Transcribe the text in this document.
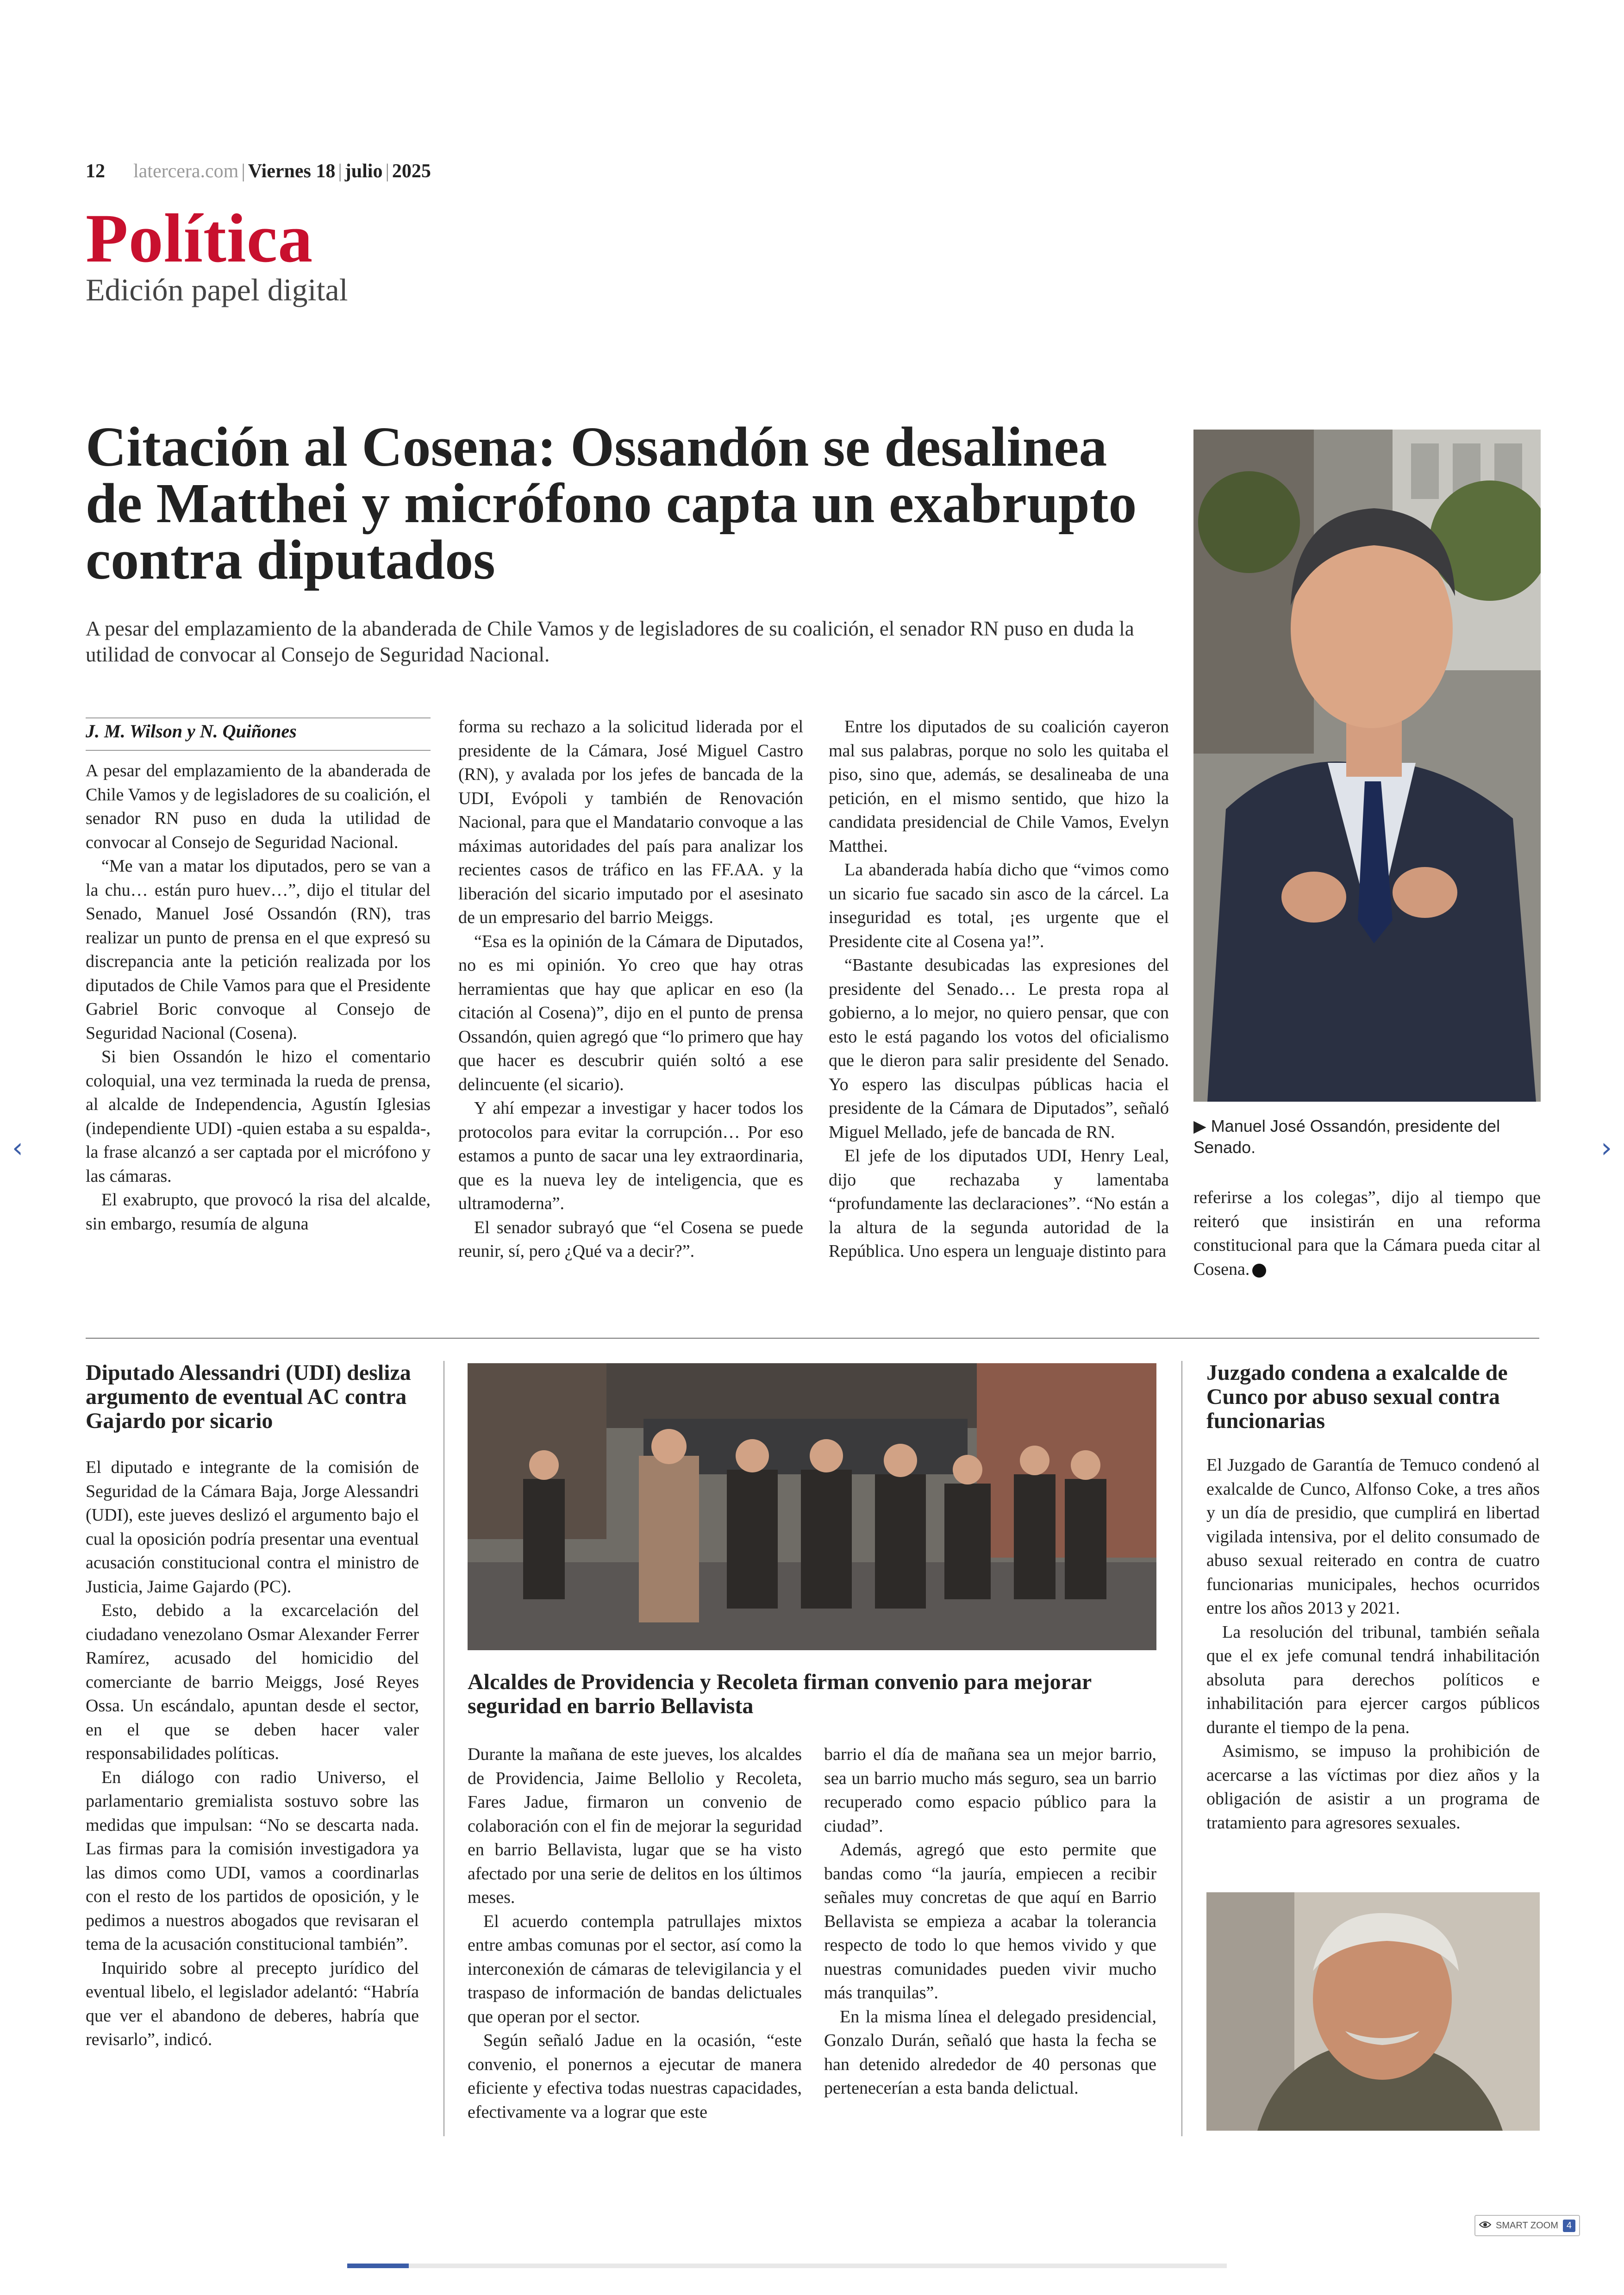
12 latercera.com | Viernes 18 | julio | 2025
Política
Edición papel digital
Citación al Cosena: Ossandón se desalinea de Matthei y micrófono capta un exabrupto contra diputados

A pesar del emplazamiento de la abanderada de Chile Vamos y de legisladores de su coalición, el senador RN puso en duda la utilidad de convocar al Consejo de Seguridad Nacional.

J. M. Wilson y N. Quiñones

A pesar del emplazamiento de la abanderada de Chile Vamos y de legisladores de su coalición, el senador RN puso en duda la utilidad de convocar al Consejo de Seguridad Nacional.

“Me van a matar los diputados, pero se van a la chu… están puro huev…”, dijo el titular del Senado, Manuel José Ossandón (RN), tras realizar un punto de prensa en el que expresó su discrepancia ante la petición realizada por los diputados de Chile Vamos para que el Presidente Gabriel Boric convoque al Consejo de Seguridad Nacional (Cosena).

Si bien Ossandón le hizo el comentario coloquial, una vez terminada la rueda de prensa, al alcalde de Independencia, Agustín Iglesias (independiente UDI) -quien estaba a su espalda-, la frase alcanzó a ser captada por el micrófono y las cámaras.

El exabrupto, que provocó la risa del alcalde, sin embargo, resumía de alguna

forma su rechazo a la solicitud liderada por el presidente de la Cámara, José Miguel Castro (RN), y avalada por los jefes de bancada de la UDI, Evópoli y también de Renovación Nacional, para que el Mandatario convoque a las máximas autoridades del país para analizar los recientes casos de tráfico en las FF.AA. y la liberación del sicario imputado por el asesinato de un empresario del barrio Meiggs.

“Esa es la opinión de la Cámara de Diputados, no es mi opinión. Yo creo que hay otras herramientas que hay que aplicar en eso (la citación al Cosena)”, dijo en el punto de prensa Ossandón, quien agregó que “lo primero que hay que hacer es descubrir quién soltó a ese delincuente (el sicario).

Y ahí empezar a investigar y hacer todos los protocolos para evitar la corrupción… Por eso estamos a punto de sacar una ley extraordinaria, que es la nueva ley de inteligencia, que es ultramoderna”.

El senador subrayó que “el Cosena se puede reunir, sí, pero ¿Qué va a decir?”.

Entre los diputados de su coalición cayeron mal sus palabras, porque no solo les quitaba el piso, sino que, además, se desalineaba de una petición, en el mismo sentido, que hizo la candidata presidencial de Chile Vamos, Evelyn Matthei.

La abanderada había dicho que “vimos como un sicario fue sacado sin asco de la cárcel. La inseguridad es total, ¡es urgente que el Presidente cite al Cosena ya!”.

“Bastante desubicadas las expresiones del presidente del Senado… Le presta ropa al gobierno, a lo mejor, no quiero pensar, que con esto le está pagando los votos del oficialismo que le dieron para salir presidente del Senado. Yo espero las disculpas públicas hacia el presidente de la Cámara de Diputados”, señaló Miguel Mellado, jefe de bancada de RN.

El jefe de los diputados UDI, Henry Leal, dijo que rechazaba y lamentaba “profundamente las declaraciones”. “No están a la altura de la segunda autoridad de la República. Uno espera un lenguaje distinto para

▶ Manuel José Ossandón, presidente del Senado.

referirse a los colegas”, dijo al tiempo que reiteró que insistirán en una reforma constitucional para que la Cámara pueda citar al Cosena.

Diputado Alessandri (UDI) desliza argumento de eventual AC contra Gajardo por sicario

El diputado e integrante de la comisión de Seguridad de la Cámara Baja, Jorge Alessandri (UDI), este jueves deslizó el argumento bajo el cual la oposición podría presentar una eventual acusación constitucional contra el ministro de Justicia, Jaime Gajardo (PC).

Esto, debido a la excarcelación del ciudadano venezolano Osmar Alexander Ferrer Ramírez, acusado del homicidio del comerciante de barrio Meiggs, José Reyes Ossa. Un escándalo, apuntan desde el sector, en el que se deben hacer valer responsabilidades políticas.

En diálogo con radio Universo, el parlamentario gremialista sostuvo sobre las medidas que impulsan: “No se descarta nada. Las firmas para la comisión investigadora ya las dimos como UDI, vamos a coordinarlas con el resto de los partidos de oposición, y le pedimos a nuestros abogados que revisaran el tema de la acusación constitucional también”.

Inquirido sobre al precepto jurídico del eventual libelo, el legislador adelantó: “Habría que ver el abandono de deberes, habría que revisarlo”, indicó.

Alcaldes de Providencia y Recoleta firman convenio para mejorar seguridad en barrio Bellavista

Durante la mañana de este jueves, los alcaldes de Providencia, Jaime Bellolio y Recoleta, Fares Jadue, firmaron un convenio de colaboración con el fin de mejorar la seguridad en barrio Bellavista, lugar que se ha visto afectado por una serie de delitos en los últimos meses.

El acuerdo contempla patrullajes mixtos entre ambas comunas por el sector, así como la interconexión de cámaras de televigilancia y el traspaso de información de bandas delictuales que operan por el sector.

Según señaló Jadue en la ocasión, “este convenio, el ponernos a ejecutar de manera eficiente y efectiva todas nuestras capacidades, efectivamente va a lograr que este

barrio el día de mañana sea un mejor barrio, sea un barrio mucho más seguro, sea un barrio recuperado como espacio público para la ciudad”.

Además, agregó que esto permite que bandas como “la jauría, empiecen a recibir señales muy concretas de que aquí en Barrio Bellavista se empieza a acabar la tolerancia respecto de todo lo que hemos vivido y que nuestras comunidades pueden vivir mucho más tranquilas”.

En la misma línea el delegado presidencial, Gonzalo Durán, señaló que hasta la fecha se han detenido alrededor de 40 personas que pertenecerían a esta banda delictual.

Juzgado condena a exalcalde de Cunco por abuso sexual contra funcionarias

El Juzgado de Garantía de Temuco condenó al exalcalde de Cunco, Alfonso Coke, a tres años y un día de presidio, que cumplirá en libertad vigilada intensiva, por el delito consumado de abuso sexual reiterado en contra de cuatro funcionarias municipales, hechos ocurridos entre los años 2013 y 2021.

La resolución del tribunal, también señala que el ex jefe comunal tendrá inhabilitación absoluta para derechos políticos e inhabilitación para ejercer cargos públicos durante el tiempo de la pena.

Asimismo, se impuso la prohibición de acercarse a las víctimas por diez años y la obligación de asistir a un programa de tratamiento para agresores sexuales.

‹	›
SMART ZOOM 4
